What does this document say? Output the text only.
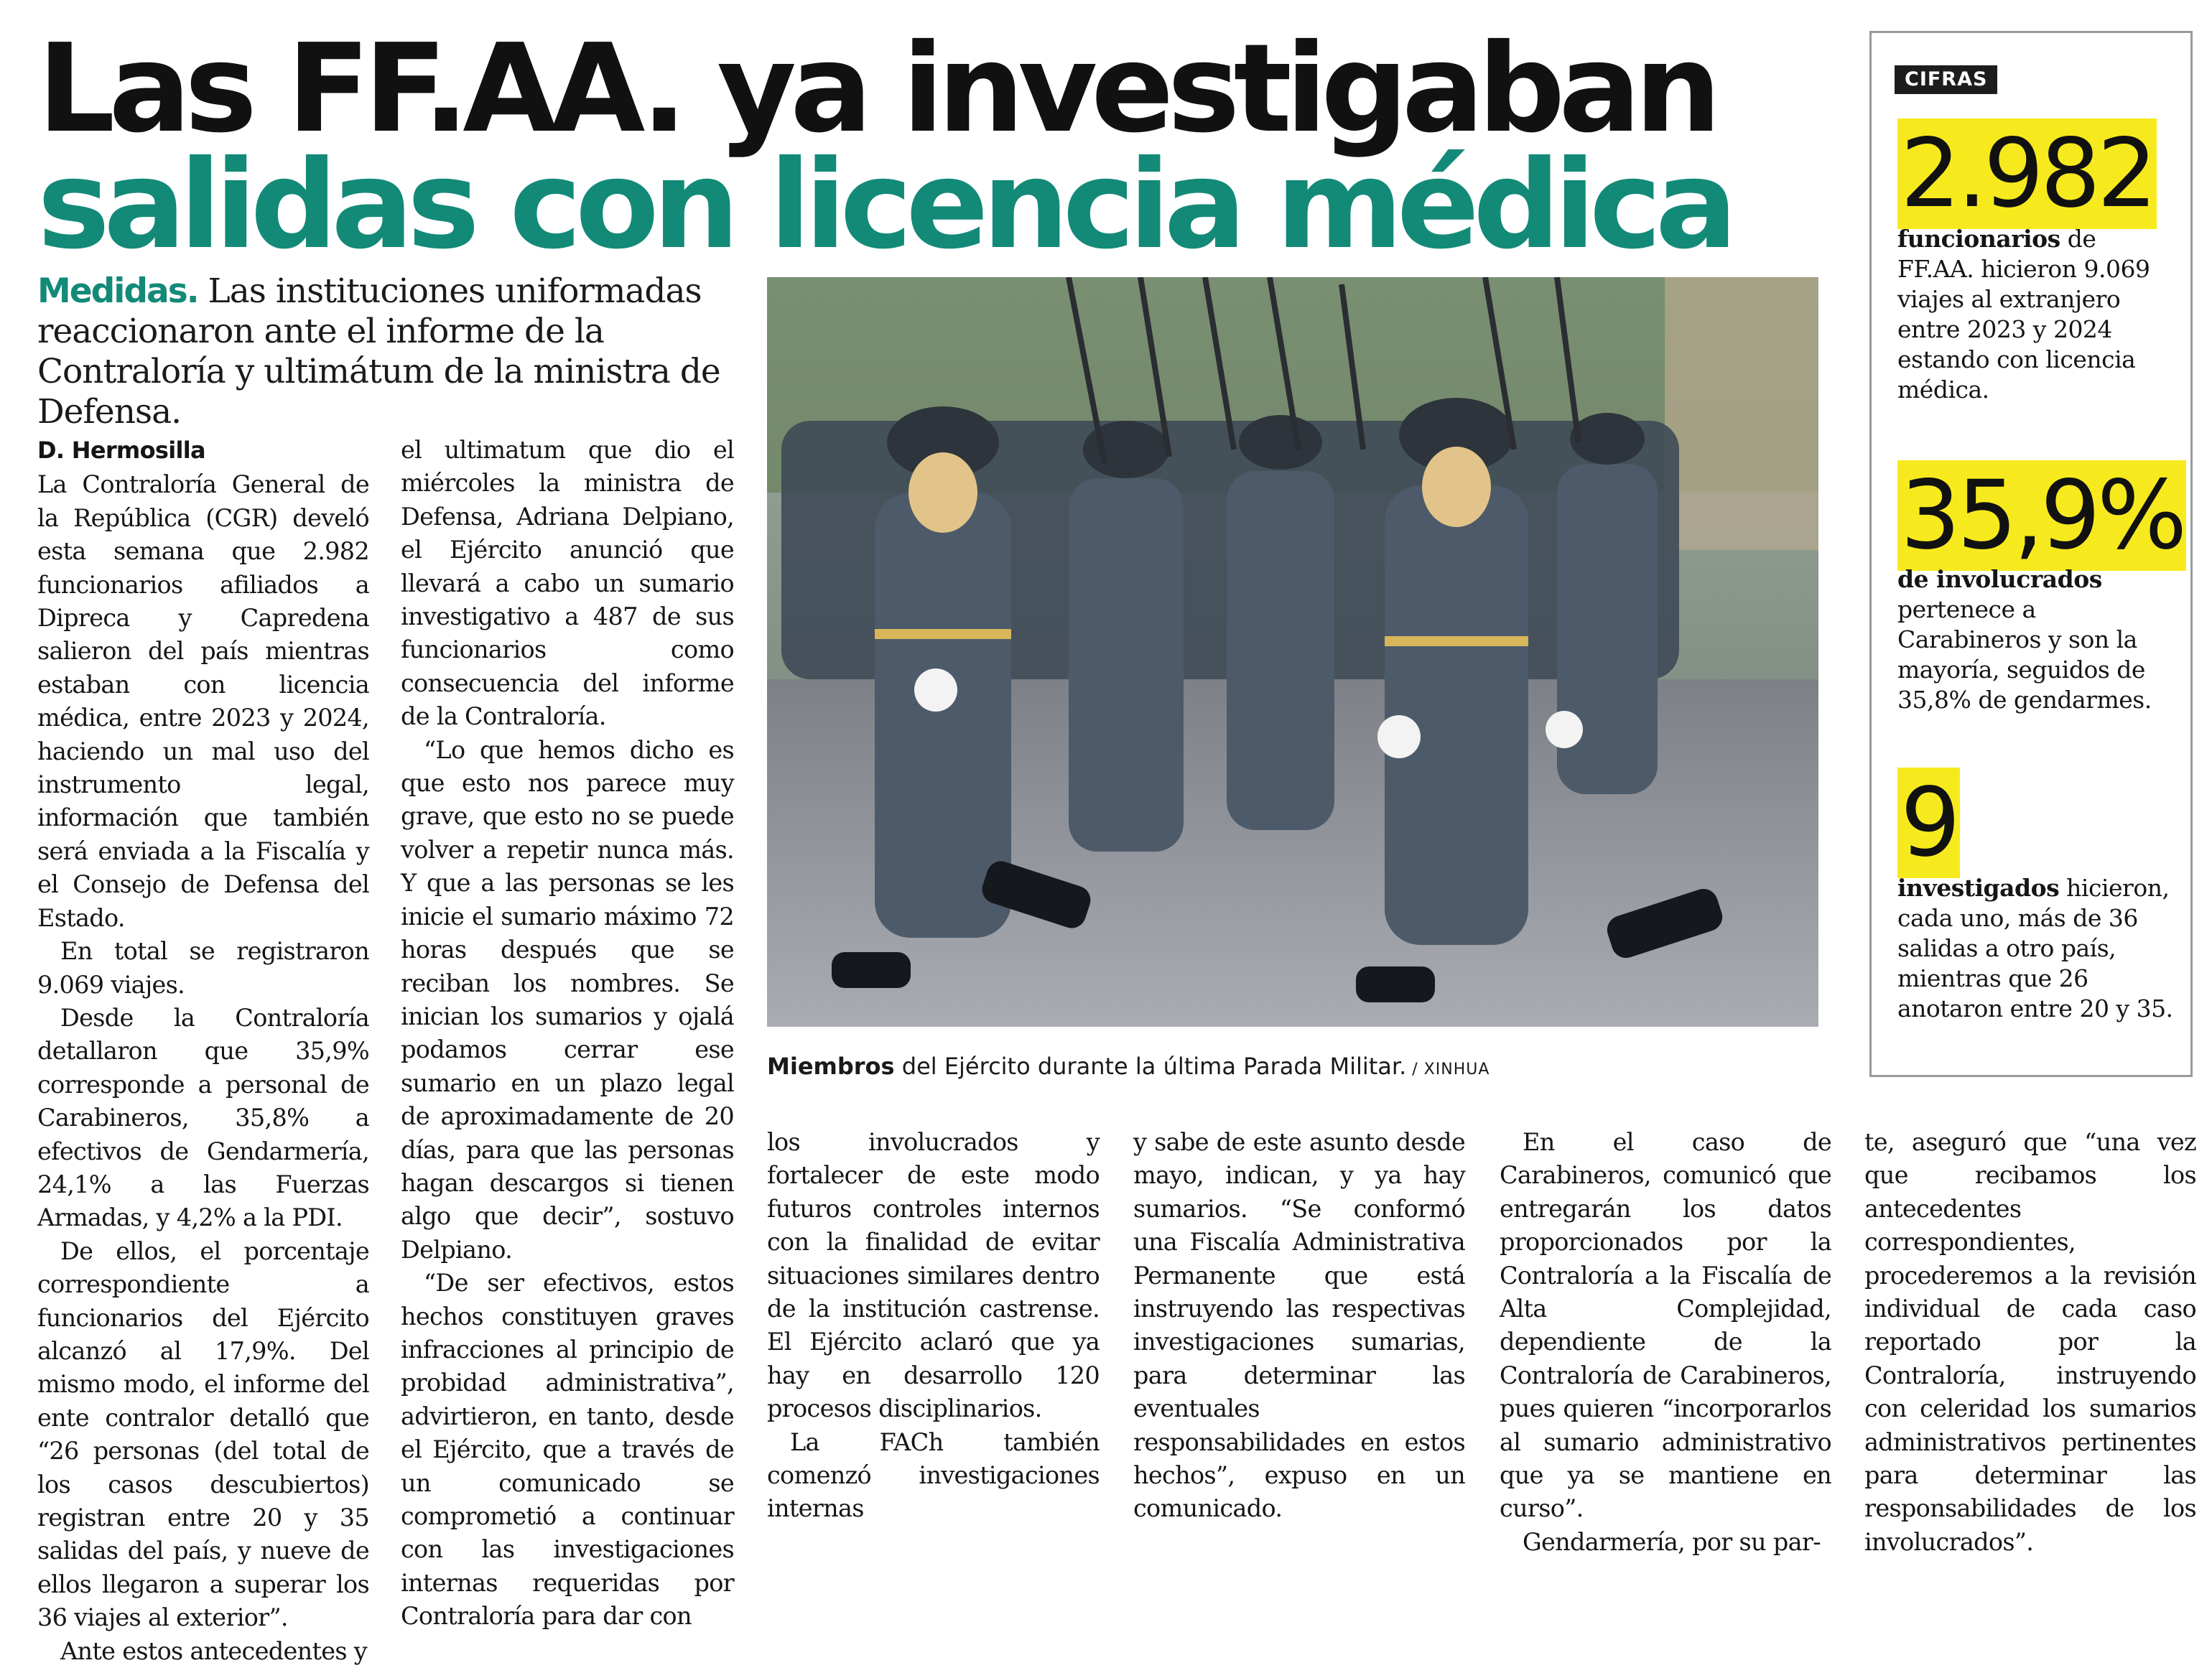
Las FF.AA. ya investigaban
salidas con licencia médica

Medidas. Las instituciones uniformadas reaccionaron ante el informe de la Contraloría y ultimátum de la ministra de Defensa.

D. Hermosilla

La Contraloría General de la República (CGR) develó esta semana que 2.982 funcionarios afiliados a Dipreca y Capredena salieron del país mientras estaban con licencia médica, entre 2023 y 2024, haciendo un mal uso del instrumento legal, información que también será enviada a la Fiscalía y el Consejo de Defensa del Estado.

En total se registraron 9.069 viajes.

Desde la Contraloría detallaron que 35,9% corresponde a personal de Carabineros, 35,8% a efectivos de Gendarmería, 24,1% a las Fuerzas Armadas, y 4,2% a la PDI.

De ellos, el porcentaje correspondiente a funcionarios del Ejército alcanzó al 17,9%. Del mismo modo, el informe del ente contralor detalló que “26 personas (del total de los casos descubiertos) registran entre 20 y 35 salidas del país, y nueve de ellos llegaron a superar los 36 viajes al exterior”.

Ante estos antecedentes y

el ultimatum que dio el miércoles la ministra de Defensa, Adriana Delpiano, el Ejército anunció que llevará a cabo un sumario investigativo a 487 de sus funcionarios como consecuencia del informe de la Contraloría.

“Lo que hemos dicho es que esto nos parece muy grave, que esto no se puede volver a repetir nunca más. Y que a las personas se les inicie el sumario máximo 72 horas después que se reciban los nombres. Se inician los sumarios y ojalá podamos cerrar ese sumario en un plazo legal de aproximadamente de 20 días, para que las personas hagan descargos si tienen algo que decir”, sostuvo Delpiano.

“De ser efectivos, estos hechos constituyen graves infracciones al principio de probidad administrativa”, advirtieron, en tanto, desde el Ejército, que a través de un comunicado se comprometió a continuar con las investigaciones internas requeridas por Contraloría para dar con

Miembros del Ejército durante la última Parada Militar. / XINHUA

los involucrados y fortalecer de este modo futuros controles internos con la finalidad de evitar situaciones similares dentro de la institución castrense. El Ejército aclaró que ya hay en desarrollo 120 procesos disciplinarios.

La FACh también comenzó investigaciones internas

y sabe de este asunto desde mayo, indican, y ya hay sumarios. “Se conformó una Fiscalía Administrativa Permanente que está instruyendo las respectivas investigaciones sumarias, para determinar las eventuales responsabilidades en estos hechos”, expuso en un comunicado.

En el caso de Carabineros, comunicó que entregarán los datos proporcionados por la Contraloría a la Fiscalía de Alta Complejidad, dependiente de la Contraloría de Carabineros, pues quieren “incorporarlos al sumario administrativo que ya se mantiene en curso”.

Gendarmería, por su par-

te, aseguró que “una vez que recibamos los antecedentes correspondientes, procederemos a la revisión individual de cada caso reportado por la Contraloría, instruyendo con celeridad los sumarios administrativos pertinentes para determinar las responsabilidades de los involucrados”.

CIFRAS
2.982

funcionarios de FF.AA. hicieron 9.069 viajes al extranjero entre 2023 y 2024 estando con licencia médica.

35,9%

de involucrados pertenece a Carabineros y son la mayoría, seguidos de 35,8% de gendarmes.

9

investigados hicieron, cada uno, más de 36 salidas a otro país, mientras que 26 anotaron entre 20 y 35.
